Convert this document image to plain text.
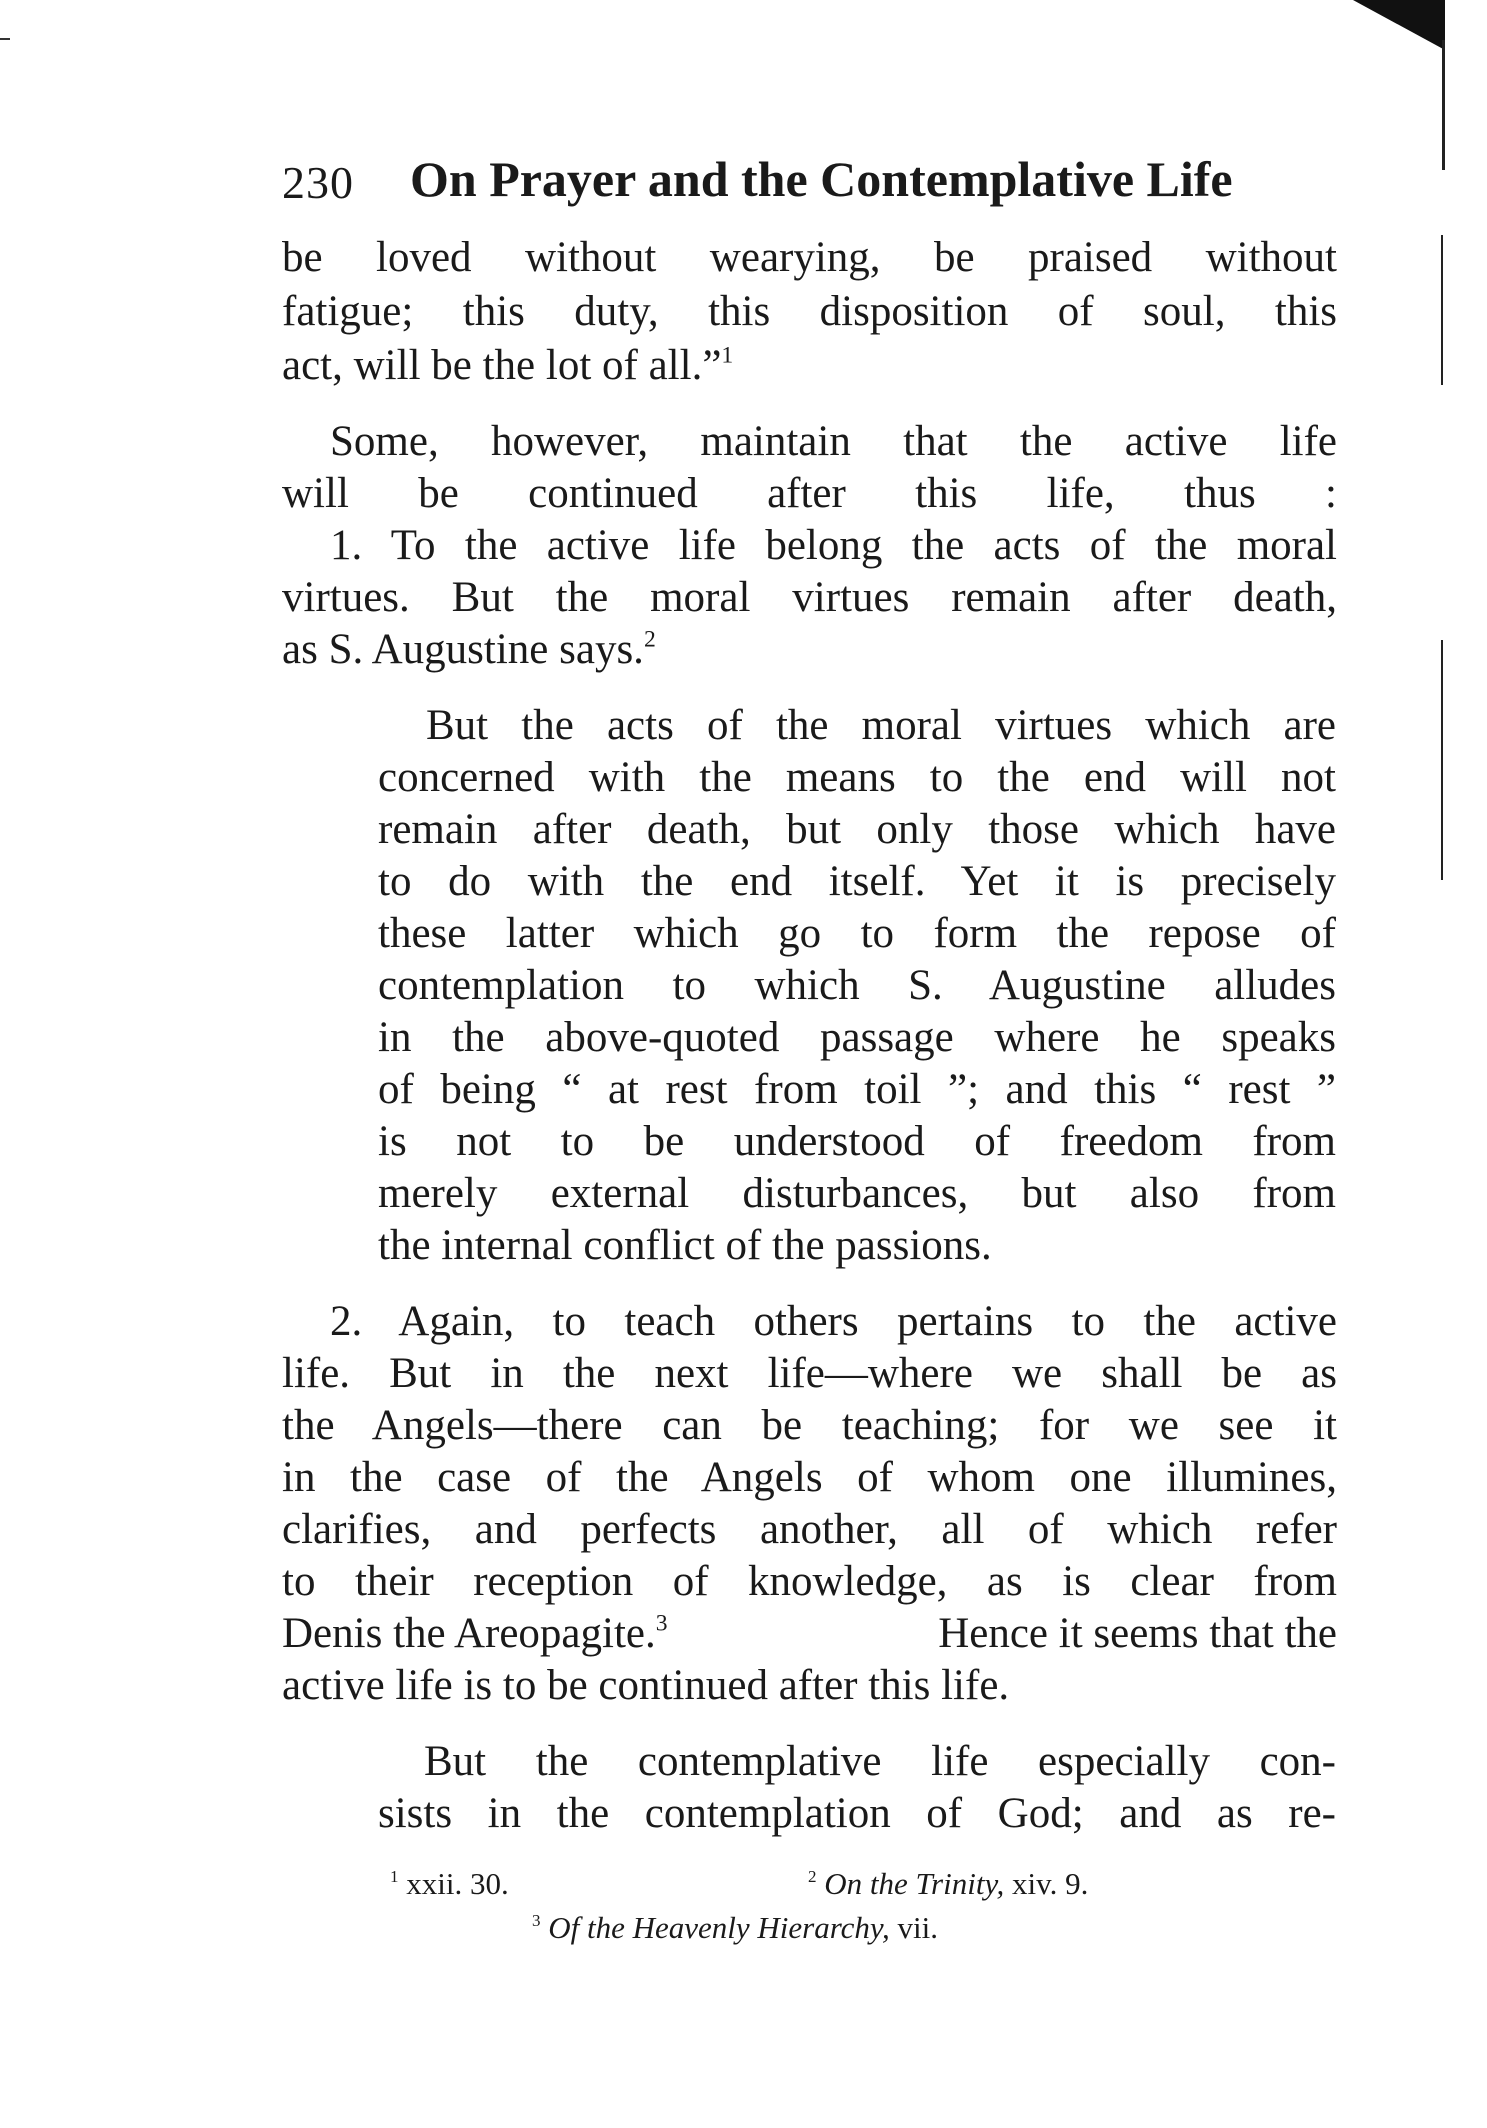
230 On Prayer and the Contemplative Life
be loved without wearying, be praised without
fatigue; this duty, this disposition of soul, this
act, will be the lot of all.”$^1$
Some, however, maintain that the active life
will be continued after this life, thus :
1. To the active life belong the acts of the moral
virtues. But the moral virtues remain after death,
as S. Augustine says.$^2$
But the acts of the moral virtues which are
concerned with the means to the end will not
remain after death, but only those which have
to do with the end itself. Yet it is precisely
these latter which go to form the repose of
contemplation to which S. Augustine alludes
in the above-quoted passage where he speaks
of being “ at rest from toil ”; and this “ rest ”
is not to be understood of freedom from
merely external disturbances, but also from
the internal conflict of the passions.
2. Again, to teach others pertains to the active
life. But in the next life—where we shall be as
the Angels—there can be teaching; for we see it
in the case of the Angels of whom one illumines,
clarifies, and perfects another, all of which refer
to their reception of knowledge, as is clear from
Denis the Areopagite.$^3$	Hence it seems that the
active life is to be continued after this life.
But the contemplative life especially con-
sists in the contemplation of God; and as re-
$^1$ xxii. 30.	$^2$ On the Trinity, xiv. 9.
$^3$ Of the Heavenly Hierarchy, vii.
